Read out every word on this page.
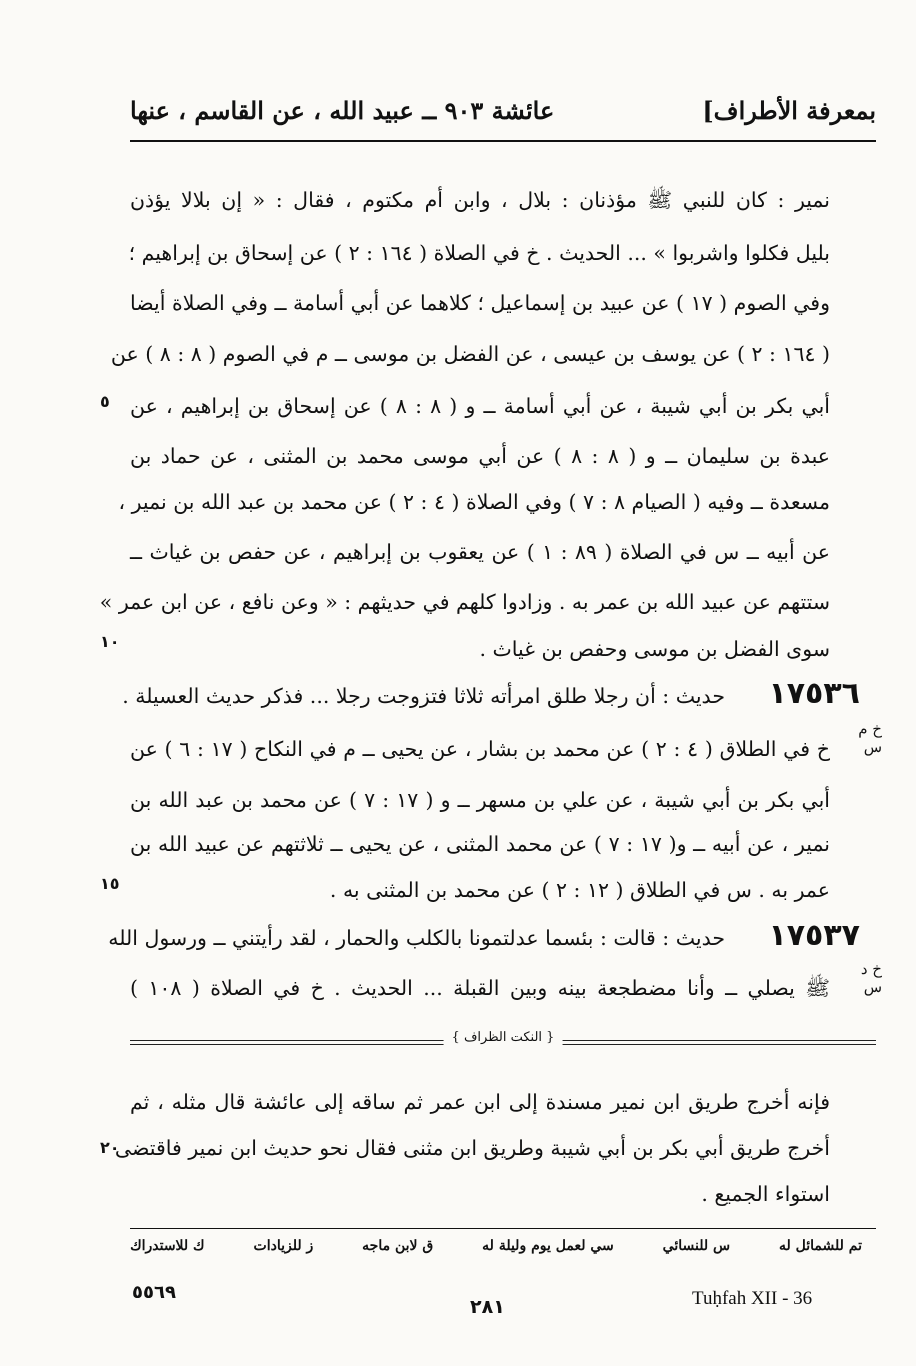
بمعرفة الأطراف]
عائشة ٩٠٣ ــ عبيد الله ، عن القاسم ، عنها
نمير : كان للنبي ﷺ مؤذنان : بلال ، وابن أم مكتوم ، فقال : « إن بلالا يؤذن
بليل فكلوا واشربوا » ... الحديث . خ في الصلاة ( ١٦٤ : ٢ ) عن إسحاق بن إبراهيم ؛
وفي الصوم ( ١٧ ) عن عبيد بن إسماعيل ؛ كلاهما عن أبي أسامة ــ وفي الصلاة أيضا
( ١٦٤ : ٢ ) عن يوسف بن عيسى ، عن الفضل بن موسى ــ م في الصوم ( ٨ : ٨ ) عن
أبي بكر بن أبي شيبة ، عن أبي أسامة ــ و ( ٨ : ٨ ) عن إسحاق بن إبراهيم ، عن
٥
عبدة بن سليمان ــ و ( ٨ : ٨ ) عن أبي موسى محمد بن المثنى ، عن حماد بن
مسعدة ــ وفيه ( الصيام ٨ : ٧ ) وفي الصلاة ( ٤ : ٢ ) عن محمد بن عبد الله بن نمير ،
عن أبيه ــ س في الصلاة ( ٨٩ : ١ ) عن يعقوب بن إبراهيم ، عن حفص بن غياث ــ
ستتهم عن عبيد الله بن عمر به . وزادوا كلهم في حديثهم : « وعن نافع ، عن ابن عمر »
سوى الفضل بن موسى وحفص بن غياث .
١٠
١٧٥٣٦
حديث : أن رجلا طلق امرأته ثلاثا فتزوجت رجلا ... فذكر حديث العسيلة .
خ م س
خ في الطلاق ( ٤ : ٢ ) عن محمد بن بشار ، عن يحيى ــ م في النكاح ( ١٧ : ٦ ) عن
أبي بكر بن أبي شيبة ، عن علي بن مسهر ــ و ( ١٧ : ٧ ) عن محمد بن عبد الله بن
نمير ، عن أبيه ــ و( ١٧ : ٧ ) عن محمد المثنى ، عن يحيى ــ ثلاثتهم عن عبيد الله بن
عمر به . س في الطلاق ( ١٢ : ٢ ) عن محمد بن المثنى به .
١٥
١٧٥٣٧
حديث : قالت : بئسما عدلتمونا بالكلب والحمار ، لقد رأيتني ــ ورسول الله
خ د س
ﷺ يصلي ــ وأنا مضطجعة بينه وبين القبلة ... الحديث . خ في الصلاة ( ١٠٨ )
{ النكت الظراف }
فإنه أخرج طريق ابن نمير مسندة إلى ابن عمر ثم ساقه إلى عائشة قال مثله ، ثم
أخرج طريق أبي بكر بن أبي شيبة وطريق ابن مثنى فقال نحو حديث ابن نمير فاقتضى
٢٠
استواء الجميع .
تم للشمائل له
س للنسائي
سي لعمل يوم وليلة له
ق لابن ماجه
ز للزيادات
ك للاستدراك
٥٥٦٩
٢٨١	Tuḥfah XII - 36
